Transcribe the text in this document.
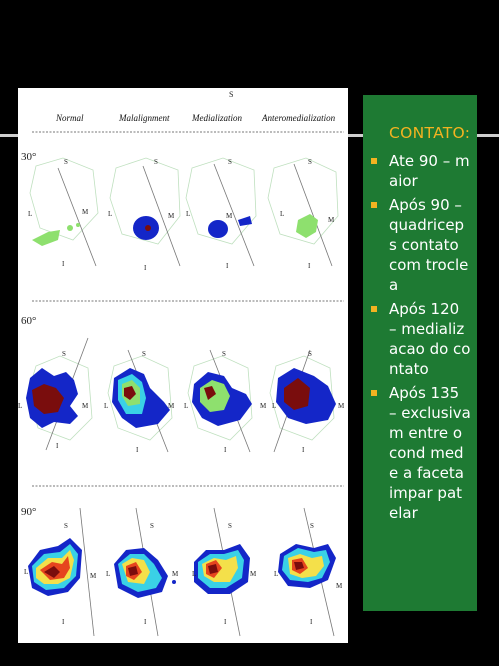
S
Normal	Malalignment	Medialization Anteromedialization
30°
60°
90°
S
L	M
I
S
L	M
I
S
L	M
I
S
L
M
I
S
L	M
I
S
L	M
I
S
L	M
I
S
L	M
I
S
L	M
I
S
L	M
I
S
L	M
I
S
L
M
I
CONTATO:
Ate 90 – maior
Após 90 – quadriceps contato com troclea
Após 120 – medializacao do contato
Após 135 – exclusivam entre o cond med e a faceta impar patelar
